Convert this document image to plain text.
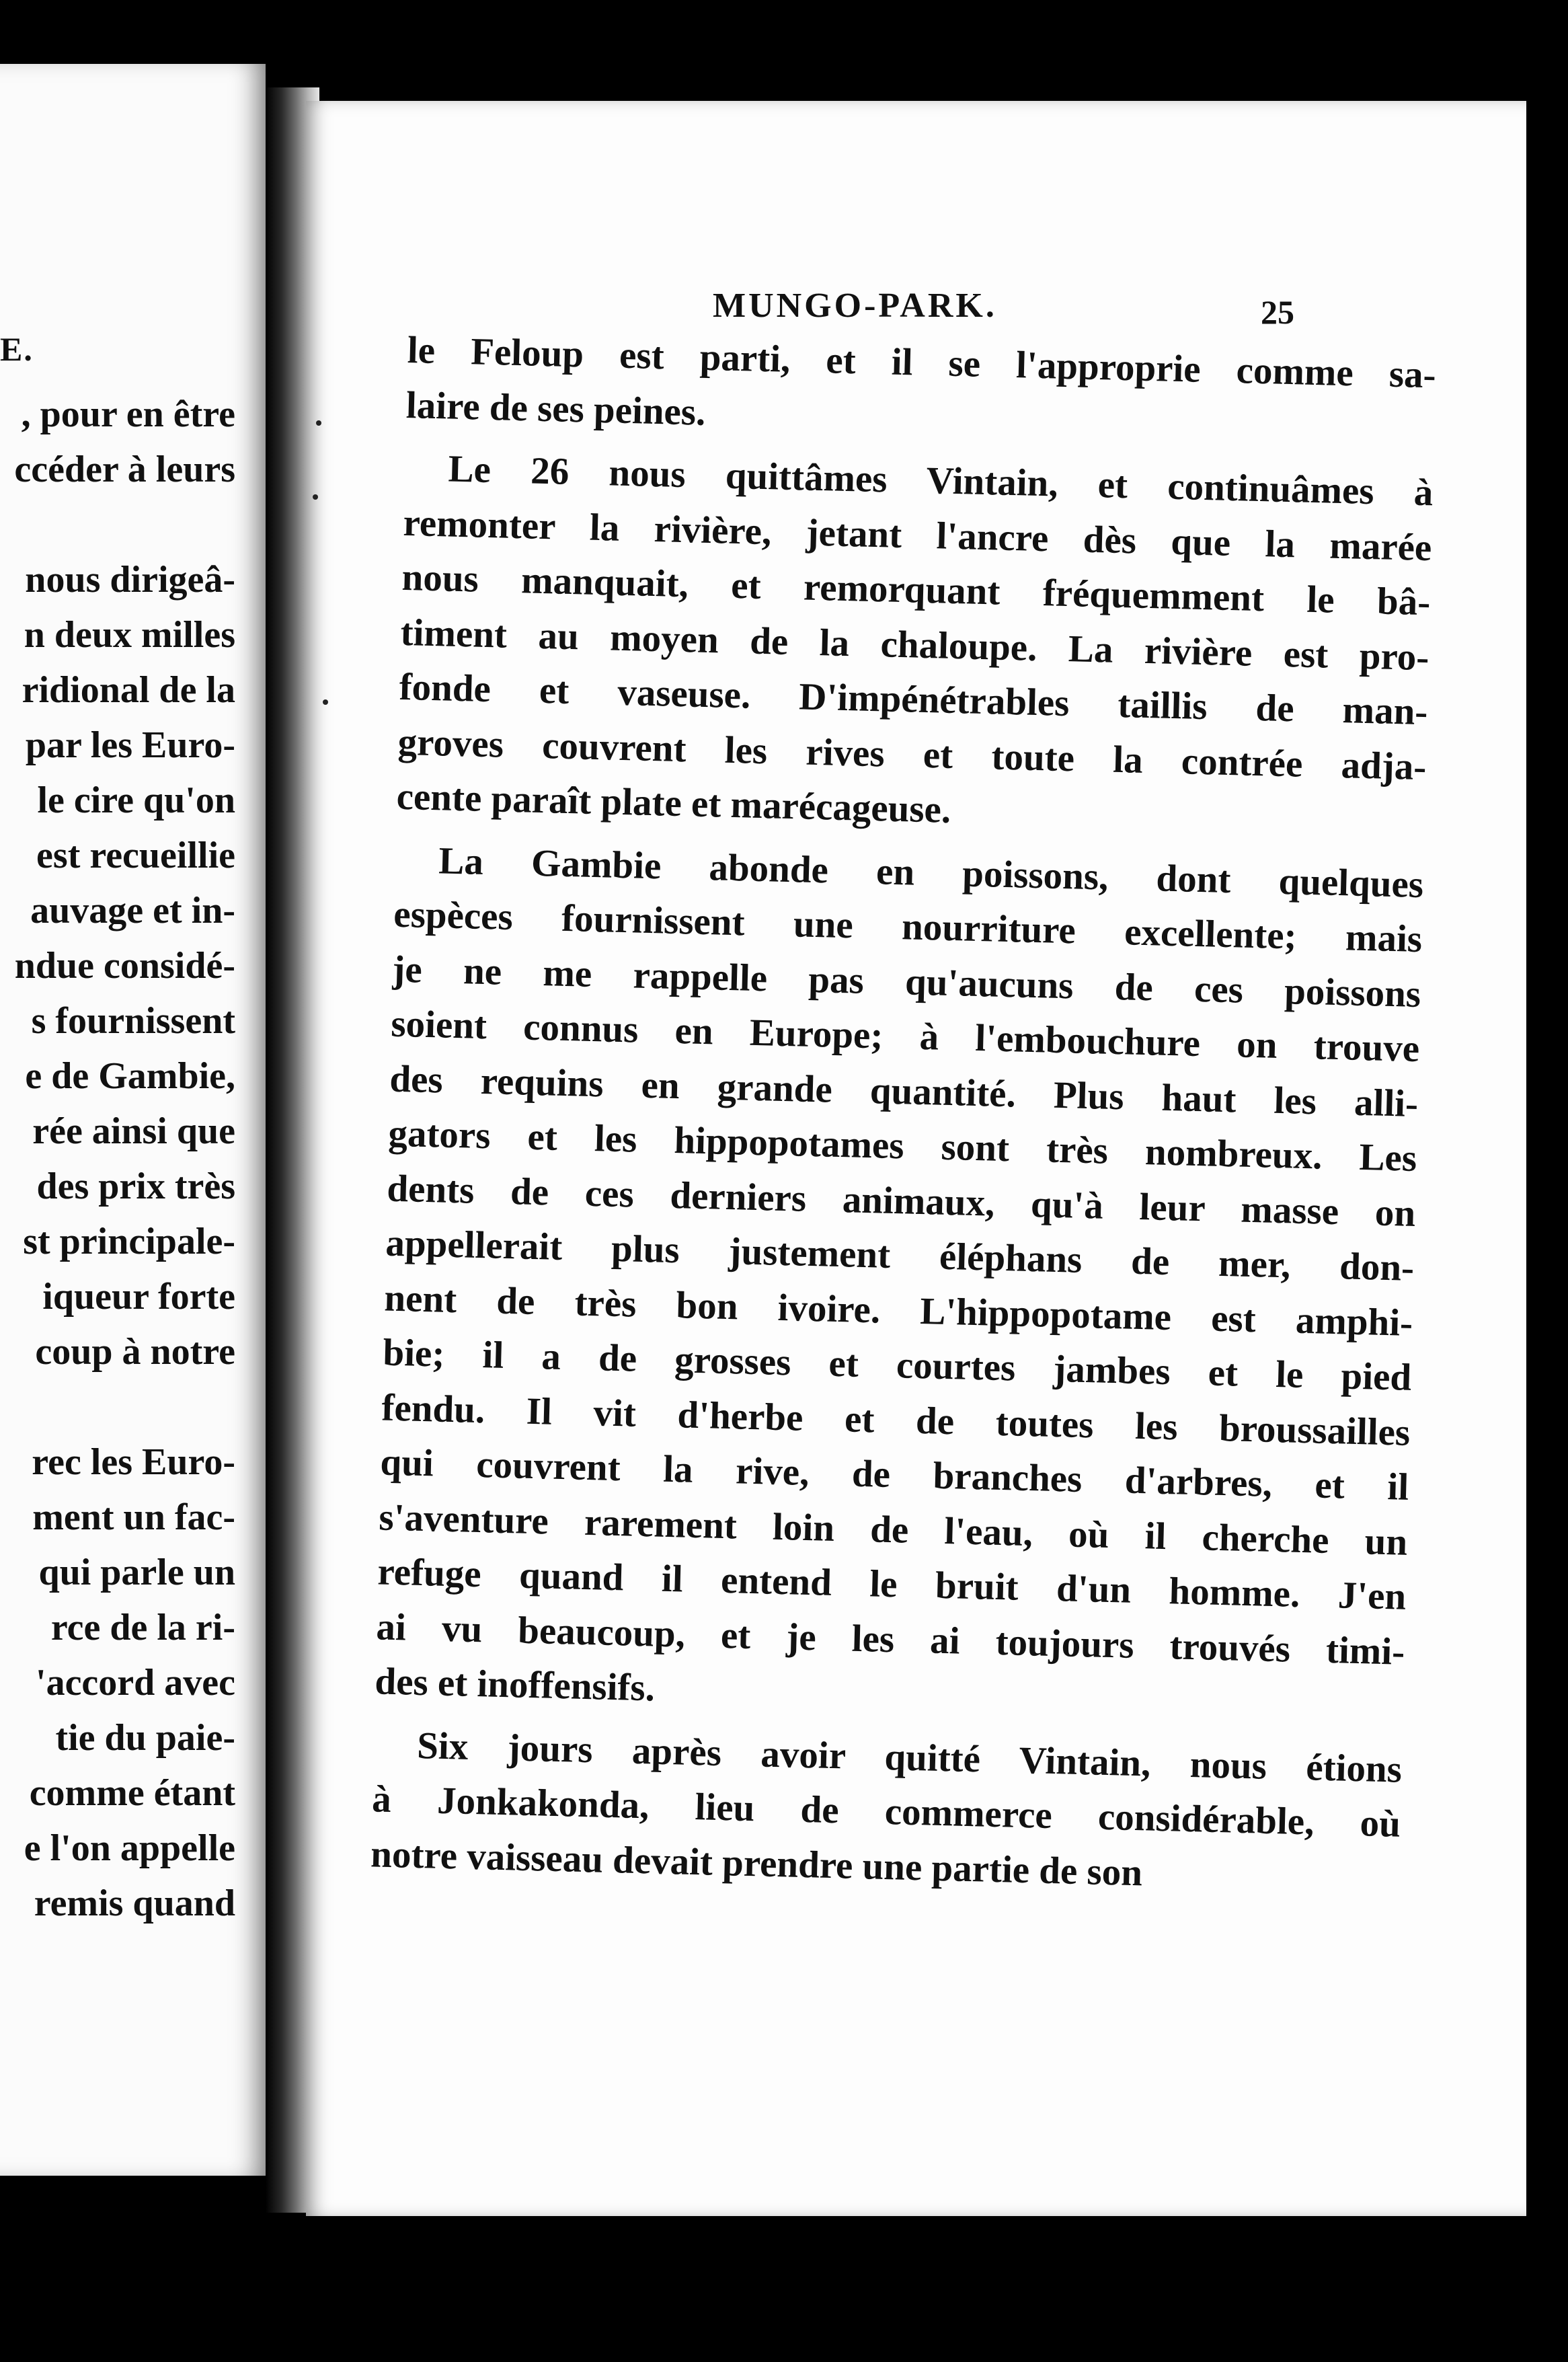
E.
, pour en être
ccéder à leurs
nous dirigeâ-
n deux milles
ridional de la
par les Euro-
le cire qu'on
est recueillie
auvage et in-
ndue considé-
s fournissent
e de Gambie,
rée ainsi que
des prix très
st principale-
iqueur forte
coup à notre
rec les Euro-
ment un fac-
qui parle un
rce de la ri-
'accord avec
tie du paie-
comme étant
e l'on appelle
remis quand
MUNGO-PARK.	25
le Feloup est parti, et il se l'approprie comme sa-
laire de ses peines.
Le 26 nous quittâmes Vintain, et continuâmes à
remonter la rivière, jetant l'ancre dès que la marée
nous manquait, et remorquant fréquemment le bâ-
timent au moyen de la chaloupe. La rivière est pro-
fonde et vaseuse. D'impénétrables taillis de man-
groves couvrent les rives et toute la contrée adja-
cente paraît plate et marécageuse.
La Gambie abonde en poissons, dont quelques
espèces fournissent une nourriture excellente; mais
je ne me rappelle pas qu'aucuns de ces poissons
soient connus en Europe; à l'embouchure on trouve
des requins en grande quantité. Plus haut les alli-
gators et les hippopotames sont très nombreux. Les
dents de ces derniers animaux, qu'à leur masse on
appellerait plus justement éléphans de mer, don-
nent de très bon ivoire. L'hippopotame est amphi-
bie; il a de grosses et courtes jambes et le pied
fendu. Il vit d'herbe et de toutes les broussailles
qui couvrent la rive, de branches d'arbres, et il
s'aventure rarement loin de l'eau, où il cherche un
refuge quand il entend le bruit d'un homme. J'en
ai vu beaucoup, et je les ai toujours trouvés timi-
des et inoffensifs.
Six jours après avoir quitté Vintain, nous étions
à Jonkakonda, lieu de commerce considérable, où
notre vaisseau devait prendre une partie de son
